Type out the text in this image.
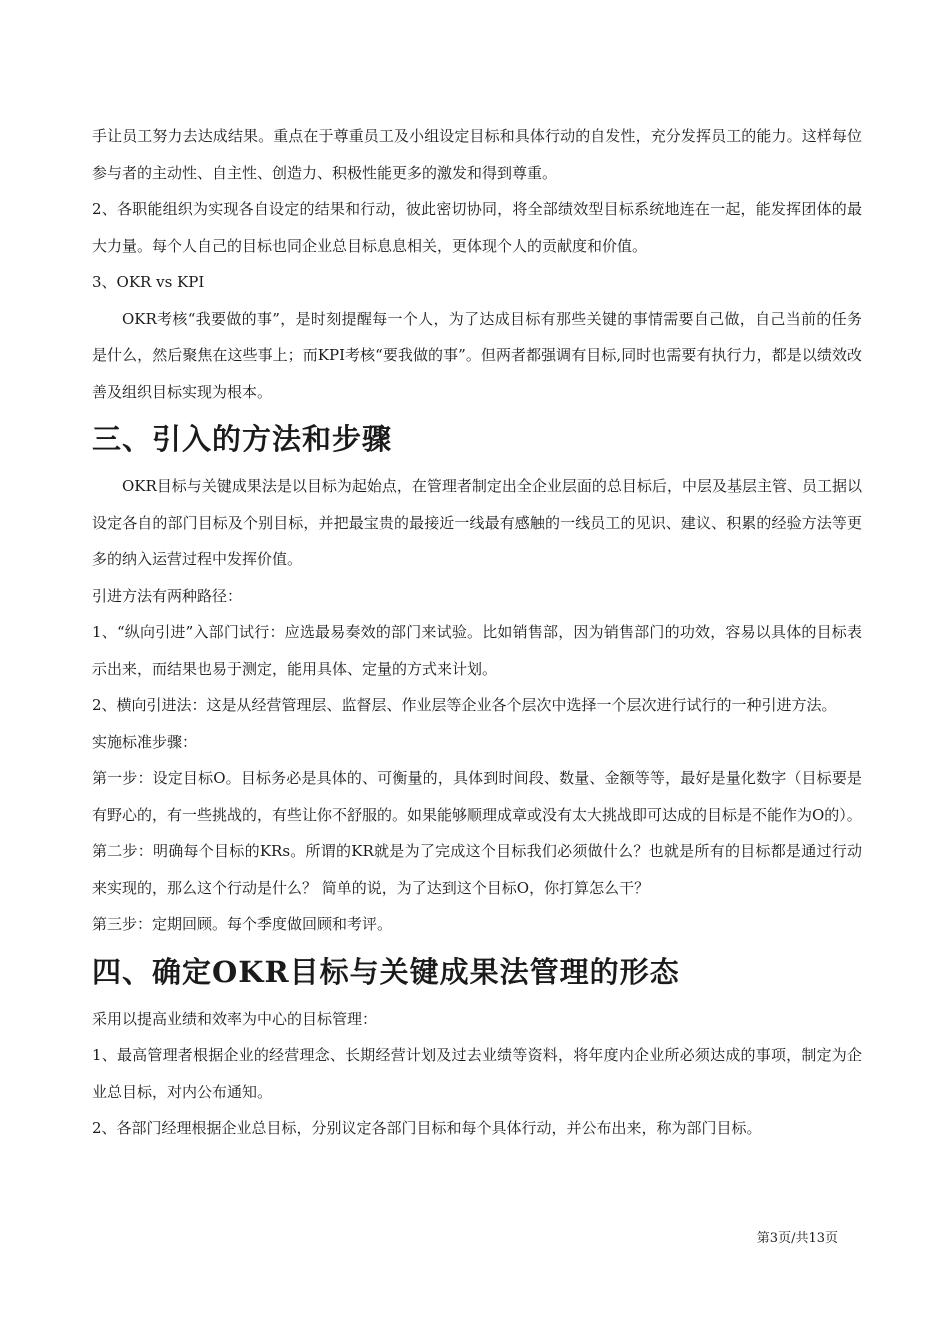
手让员工努力去达成结果。重点在于尊重员工及小组设定目标和具体行动的自发性，充分发挥员工的能力。这样每位参与者的主动性、自主性、创造力、积极性能更多的激发和得到尊重。

2、各职能组织为实现各自设定的结果和行动，彼此密切协同，将全部绩效型目标系统地连在一起，能发挥团体的最大力量。每个人自己的目标也同企业总目标息息相关，更体现个人的贡献度和价值。

3、OKR vs KPI

OKR考核“我要做的事”，是时刻提醒每一个人，为了达成目标有那些关键的事情需要自己做，自己当前的任务是什么，然后聚焦在这些事上；而KPI考核“要我做的事”。但两者都强调有目标,同时也需要有执行力，都是以绩效改善及组织目标实现为根本。

三、引入的方法和步骤

OKR目标与关键成果法是以目标为起始点，在管理者制定出全企业层面的总目标后，中层及基层主管、员工据以设定各自的部门目标及个别目标，并把最宝贵的最接近一线最有感触的一线员工的见识、建议、积累的经验方法等更多的纳入运营过程中发挥价值。

引进方法有两种路径：

1、“纵向引进”入部门试行：应选最易奏效的部门来试验。比如销售部，因为销售部门的功效，容易以具体的目标表示出来，而结果也易于测定，能用具体、定量的方式来计划。

2、横向引进法：这是从经营管理层、监督层、作业层等企业各个层次中选择一个层次进行试行的一种引进方法。

实施标准步骤：

第一步：设定目标O。目标务必是具体的、可衡量的，具体到时间段、数量、金额等等，最好是量化数字（目标要是有野心的，有一些挑战的，有些让你不舒服的。如果能够顺理成章或没有太大挑战即可达成的目标是不能作为O的）。

第二步：明确每个目标的KRs。所谓的KR就是为了完成这个目标我们必须做什么？也就是所有的目标都是通过行动来实现的，那么这个行动是什么？ 简单的说，为了达到这个目标O，你打算怎么干？

第三步：定期回顾。每个季度做回顾和考评。

四、确定OKR目标与关键成果法管理的形态

采用以提高业绩和效率为中心的目标管理：

1、最高管理者根据企业的经营理念、长期经营计划及过去业绩等资料，将年度内企业所必须达成的事项，制定为企业总目标，对内公布通知。

2、各部门经理根据企业总目标，分别议定各部门目标和每个具体行动，并公布出来，称为部门目标。

第3页/共13页
